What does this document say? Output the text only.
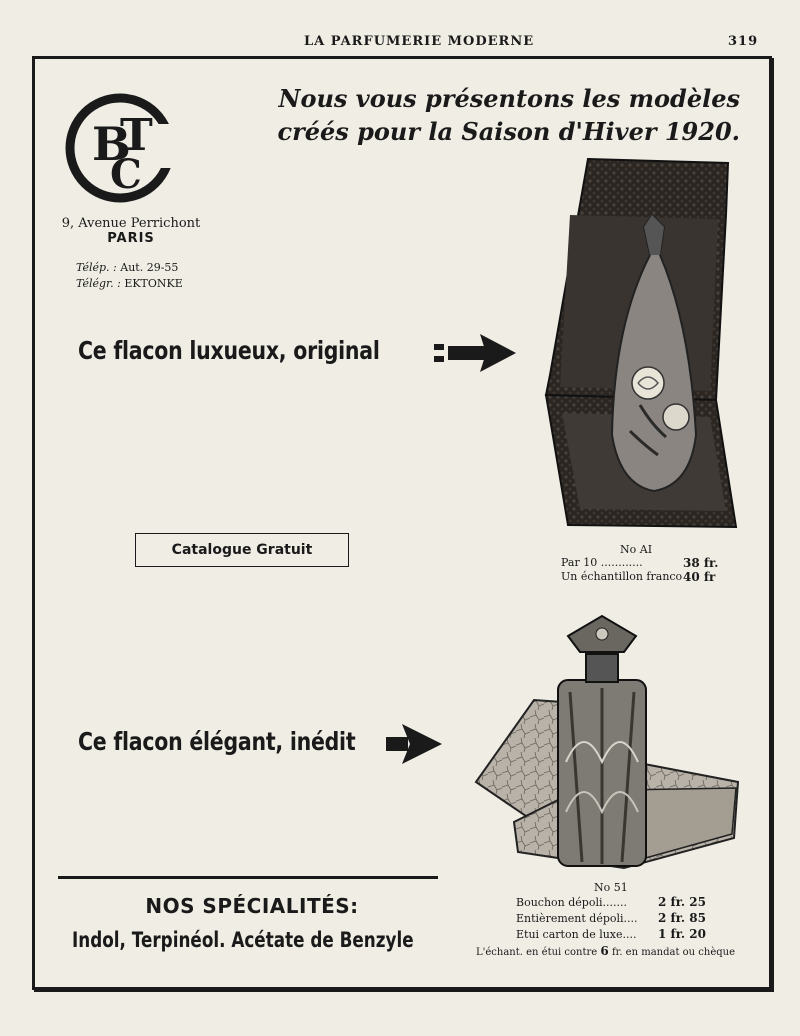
LA PARFUMERIE MODERNE	319
B
T
C
9, Avenue Perrichont
PARIS
Télép. : Aut. 29-55
Télégr. : EKTONKE
Nous vous présentons les modèles
créés pour la Saison d'Hiver 1920.
Ce flacon luxueux, original
No AI
Par 10 ............	38 fr.
Un échantillon franco 40 fr
Catalogue Gratuit
Ce flacon élégant, inédit
No 51
Bouchon dépoli.......	2 fr. 25
Entièrement dépoli.... 2 fr. 85
Etui carton de luxe.... 1 fr. 20
L'échant. en étui contre 6 fr. en mandat ou chèque
NOS SPÉCIALITÉS:
Indol, Terpinéol. Acétate de Benzyle
